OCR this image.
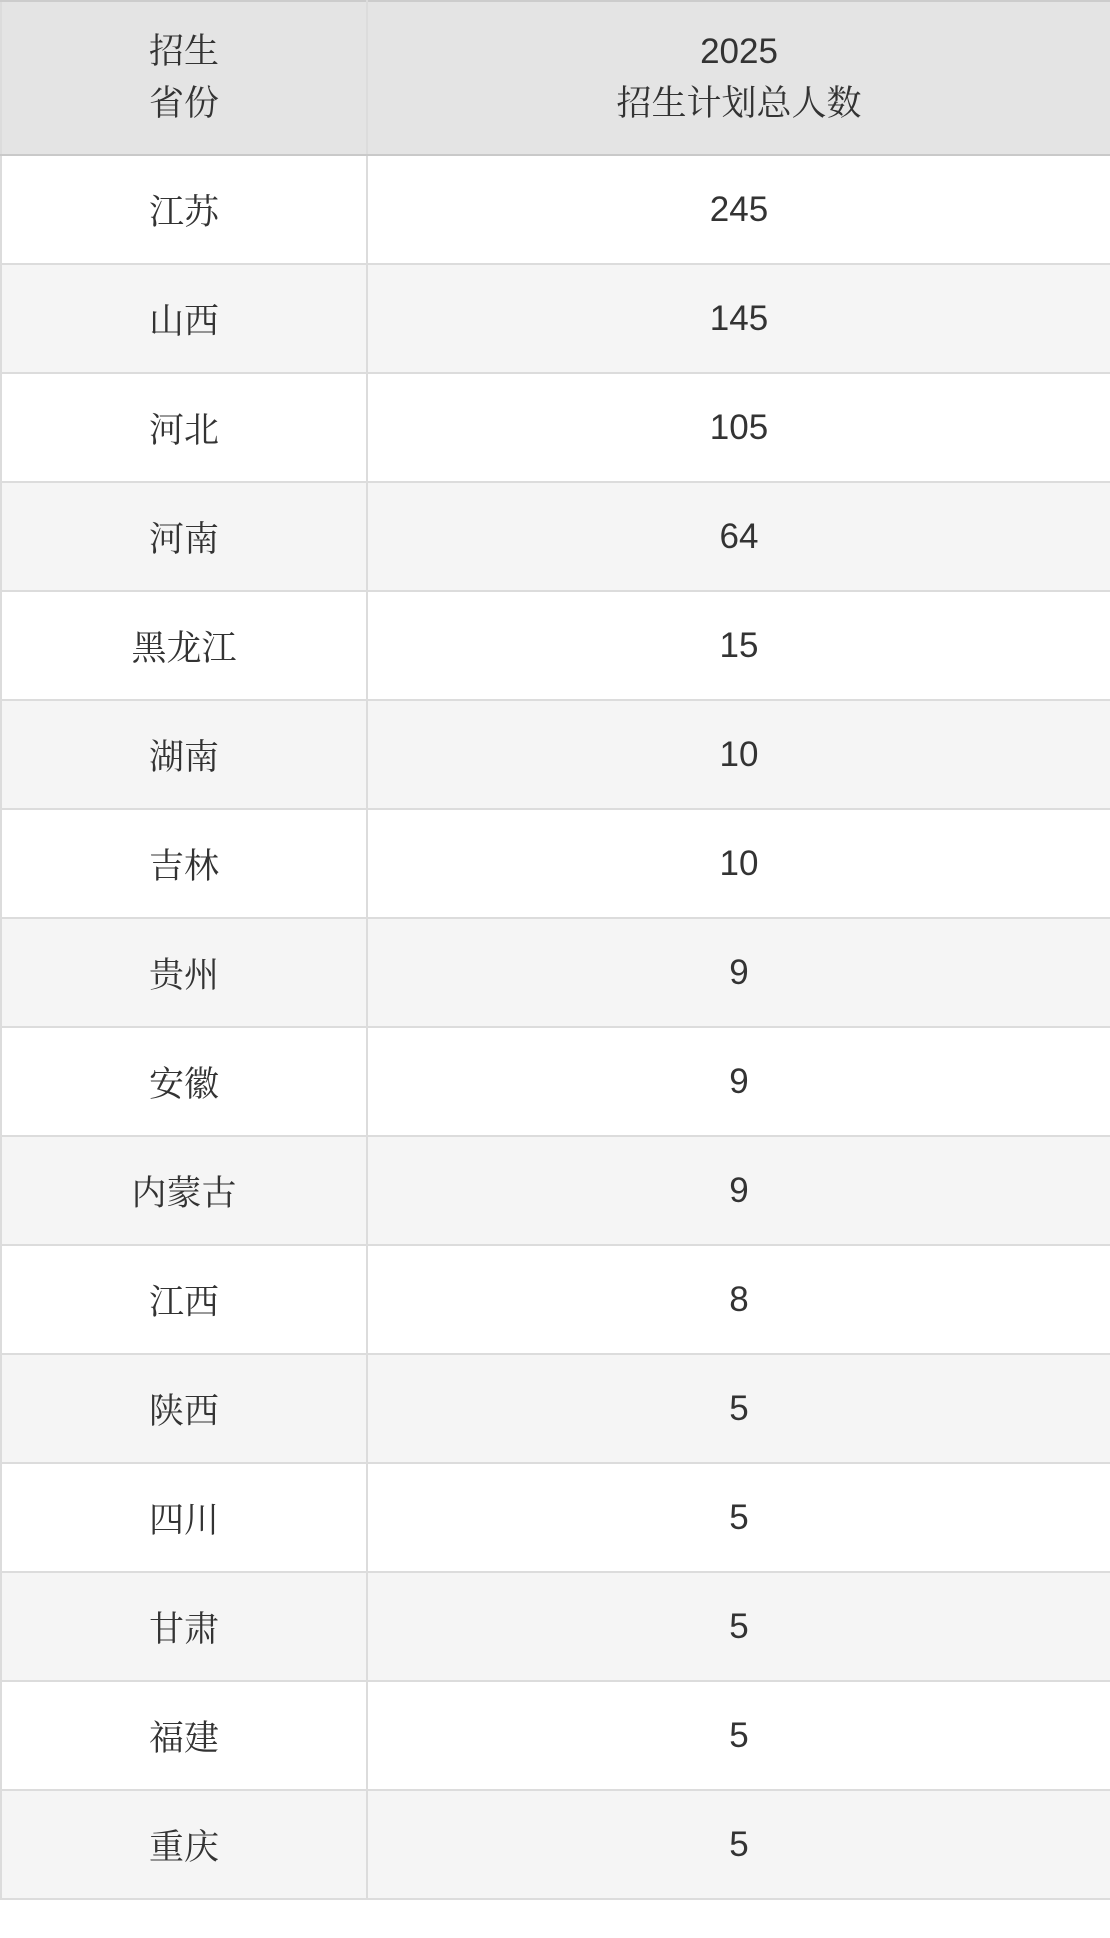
招生
省份	2025
招生计划总人数

江苏	245
山西	145
河北	105
河南	64
黑龙江	15
湖南	10
吉林	10
贵州	9
安徽	9
内蒙古	9
江西	8
陕西	5
四川	5
甘肃	5
福建	5
重庆	5
